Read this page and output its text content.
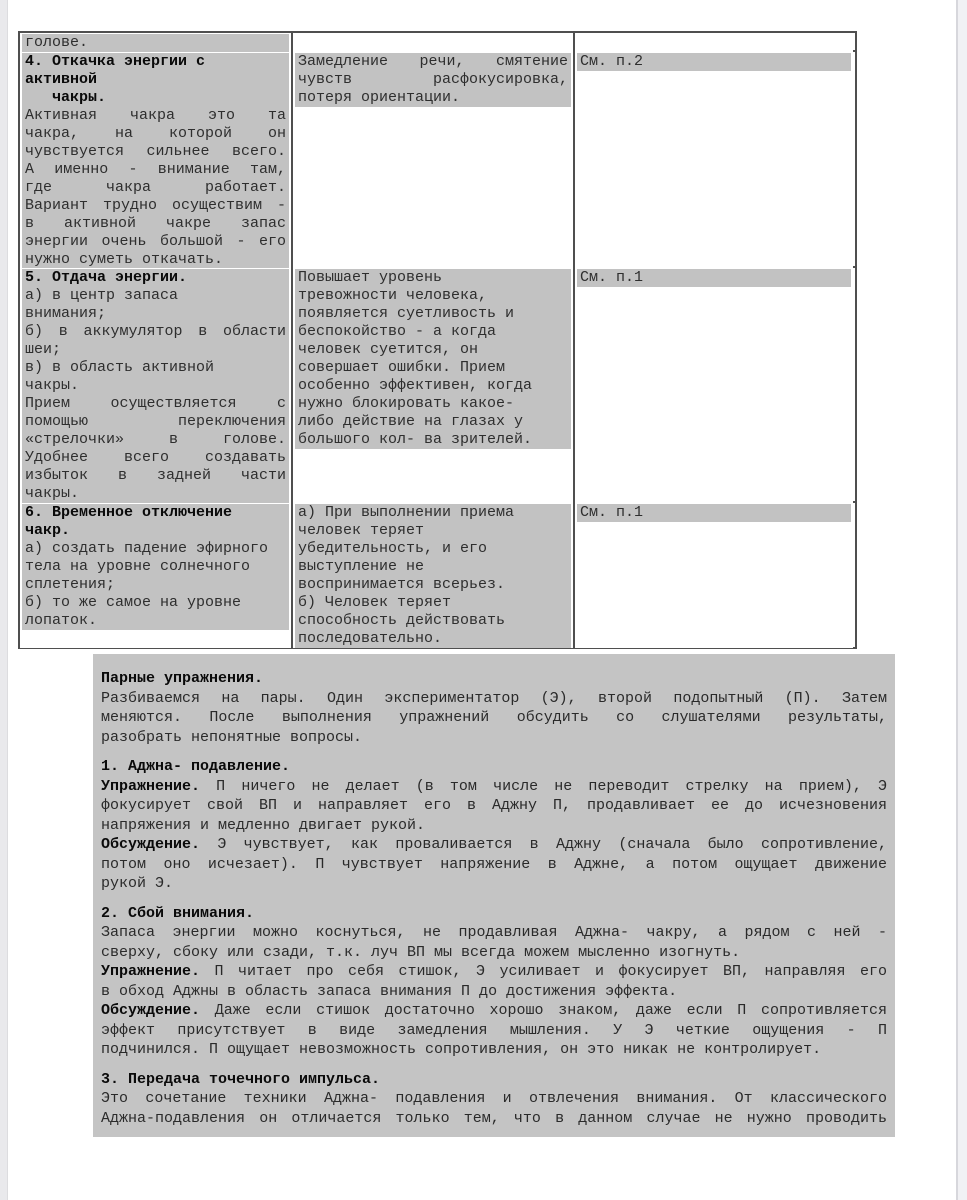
голове.
4. Откачка энергии с
активной
чакры.
Активная чакра это та
чакра, на которой он
чувствуется сильнее всего.
А именно - внимание там,
где чакра работает.
Вариант трудно осуществим -
в активной чакре запас
энергии очень большой - его
нужно суметь откачать.
Замедление речи, смятение
чувств расфокусировка,
потеря ориентации.
См. п.2
5. Отдача энергии.
а) в центр запаса
внимания;
б) в аккумулятор в области
шеи;
в) в область активной
чакры.
Прием осуществляется с
помощью переключения
«стрелочки» в голове.
Удобнее всего создавать
избыток в задней части
чакры.
Повышает уровень
тревожности человека,
появляется суетливость и
беспокойство - а когда
человек суетится, он
совершает ошибки. Прием
особенно эффективен, когда
нужно блокировать какое-
либо действие на глазах у
большого кол- ва зрителей.
См. п.1
6. Временное отключение
чакр.
а) создать падение эфирного
тела на уровне солнечного
сплетения;
б) то же самое на уровне
лопаток.
а) При выполнении приема
человек теряет
убедительность, и его
выступление не
воспринимается всерьез.
б) Человек теряет
способность действовать
последовательно.
См. п.1
Парные упражнения.
Разбиваемся на пары. Один экспериментатор (Э), второй подопытный (П). Затем
меняются. После выполнения упражнений обсудить со слушателями результаты,
разобрать непонятные вопросы.
1. Аджна- подавление.
Упражнение. П ничего не делает (в том числе не переводит стрелку на прием), Э
фокусирует свой ВП и направляет его в Аджну П, продавливает ее до исчезновения
напряжения и медленно двигает рукой.
Обсуждение. Э чувствует, как проваливается в Аджну (сначала было сопротивление,
потом оно исчезает). П чувствует напряжение в Аджне, а потом ощущает движение
рукой Э.
2. Сбой внимания.
Запаса энергии можно коснуться, не продавливая Аджна- чакру, а рядом с ней -
сверху, сбоку или сзади, т.к. луч ВП мы всегда можем мысленно изогнуть.
Упражнение. П читает про себя стишок, Э усиливает и фокусирует ВП, направляя его
в обход Аджны в область запаса внимания П до достижения эффекта.
Обсуждение. Даже если стишок достаточно хорошо знаком, даже если П сопротивляется
эффект присутствует в виде замедления мышления. У Э четкие ощущения - П
подчинился. П ощущает невозможность сопротивления, он это никак не контролирует.
3. Передача точечного импульса.
Это сочетание техники Аджна- подавления и отвлечения внимания. От классического
Аджна-подавления он отличается только тем, что в данном случае не нужно проводить
